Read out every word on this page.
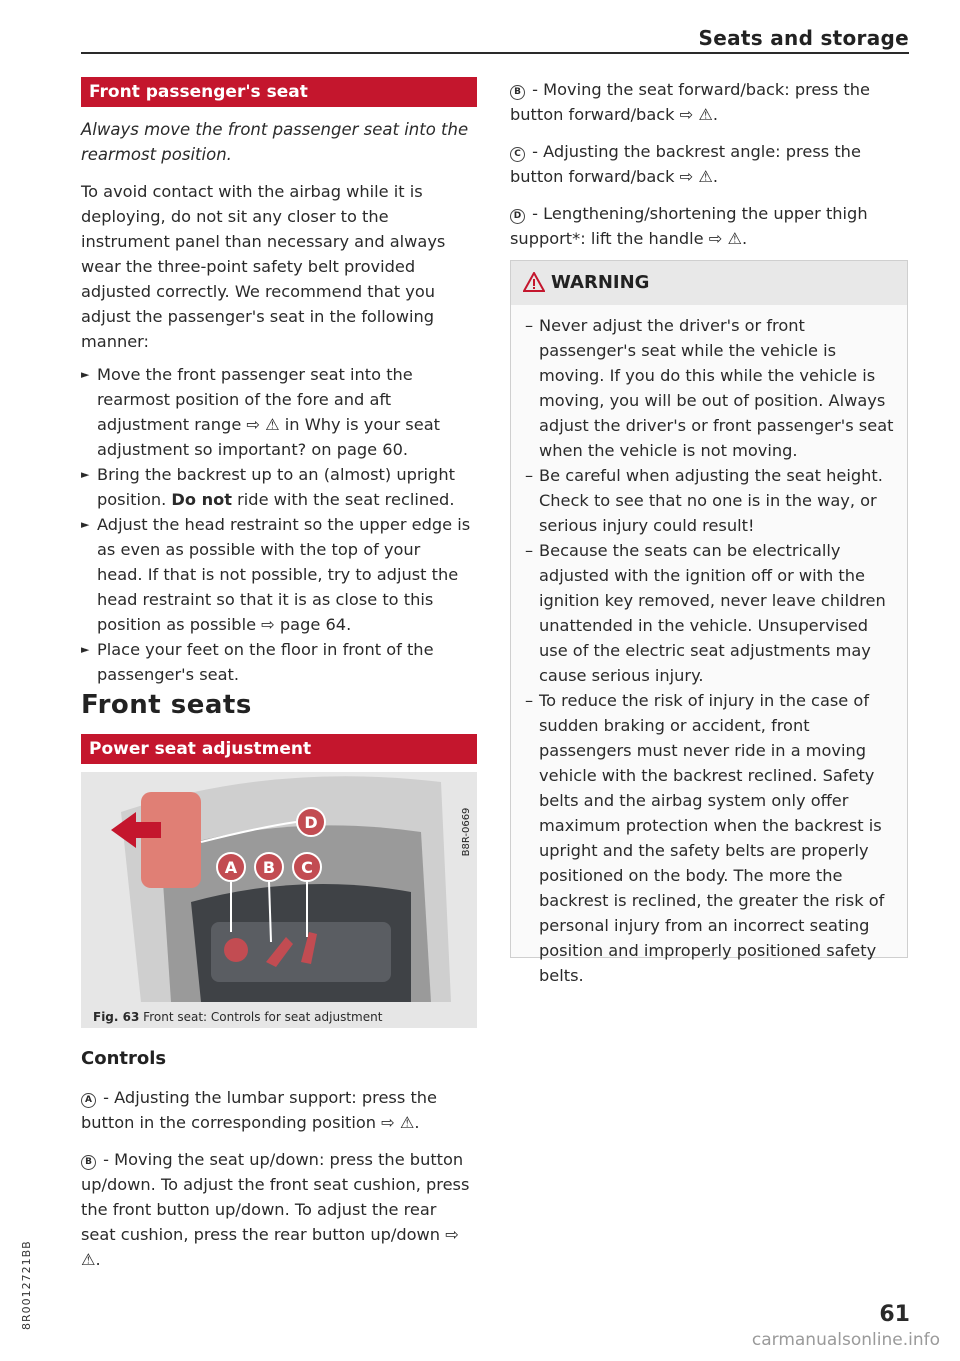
Seats and storage
Front passenger's seat

Always move the front passenger seat into the rearmost position.

To avoid contact with the airbag while it is deploying, do not sit any closer to the instrument panel than necessary and always wear the three-point safety belt provided adjusted correctly. We recommend that you adjust the passenger's seat in the following manner:

► Move the front passenger seat into the rearmost position of the fore and aft adjustment range ⇨ ⚠ in Why is your seat adjustment so important? on page 60.

► Bring the backrest up to an (almost) upright position. Do not ride with the seat reclined.

► Adjust the head restraint so the upper edge is as even as possible with the top of your head. If that is not possible, try to adjust the head restraint so that it is as close to this position as possible ⇨ page 64.

► Place your feet on the floor in front of the passenger's seat.

Front seats
Power seat adjustment
A B C
D	B8R-0669
Fig. 63 Front seat: Controls for seat adjustment
Controls

A - Adjusting the lumbar support: press the button in the corresponding position ⇨ ⚠.

B - Moving the seat up/down: press the button up/down. To adjust the front seat cushion, press the front button up/down. To adjust the rear seat cushion, press the rear button up/down ⇨ ⚠.

B - Moving the seat forward/back: press the button forward/back ⇨ ⚠.

C - Adjusting the backrest angle: press the button forward/back ⇨ ⚠.

D - Lengthening/shortening the upper thigh support*: lift the handle ⇨ ⚠.

WARNING

– Never adjust the driver's or front passenger's seat while the vehicle is moving. If you do this while the vehicle is moving, you will be out of position. Always adjust the driver's or front passenger's seat when the vehicle is not moving.

– Be careful when adjusting the seat height. Check to see that no one is in the way, or serious injury could result!

– Because the seats can be electrically adjusted with the ignition off or with the ignition key removed, never leave children unattended in the vehicle. Unsupervised use of the electric seat adjustments may cause serious injury.

– To reduce the risk of injury in the case of sudden braking or accident, front passengers must never ride in a moving vehicle with the backrest reclined. Safety belts and the airbag system only offer maximum protection when the backrest is upright and the safety belts are properly positioned on the body. The more the backrest is reclined, the greater the risk of personal injury from an incorrect seating position and improperly positioned safety belts.

8R0012721BB	61
carmanualsonline.info
